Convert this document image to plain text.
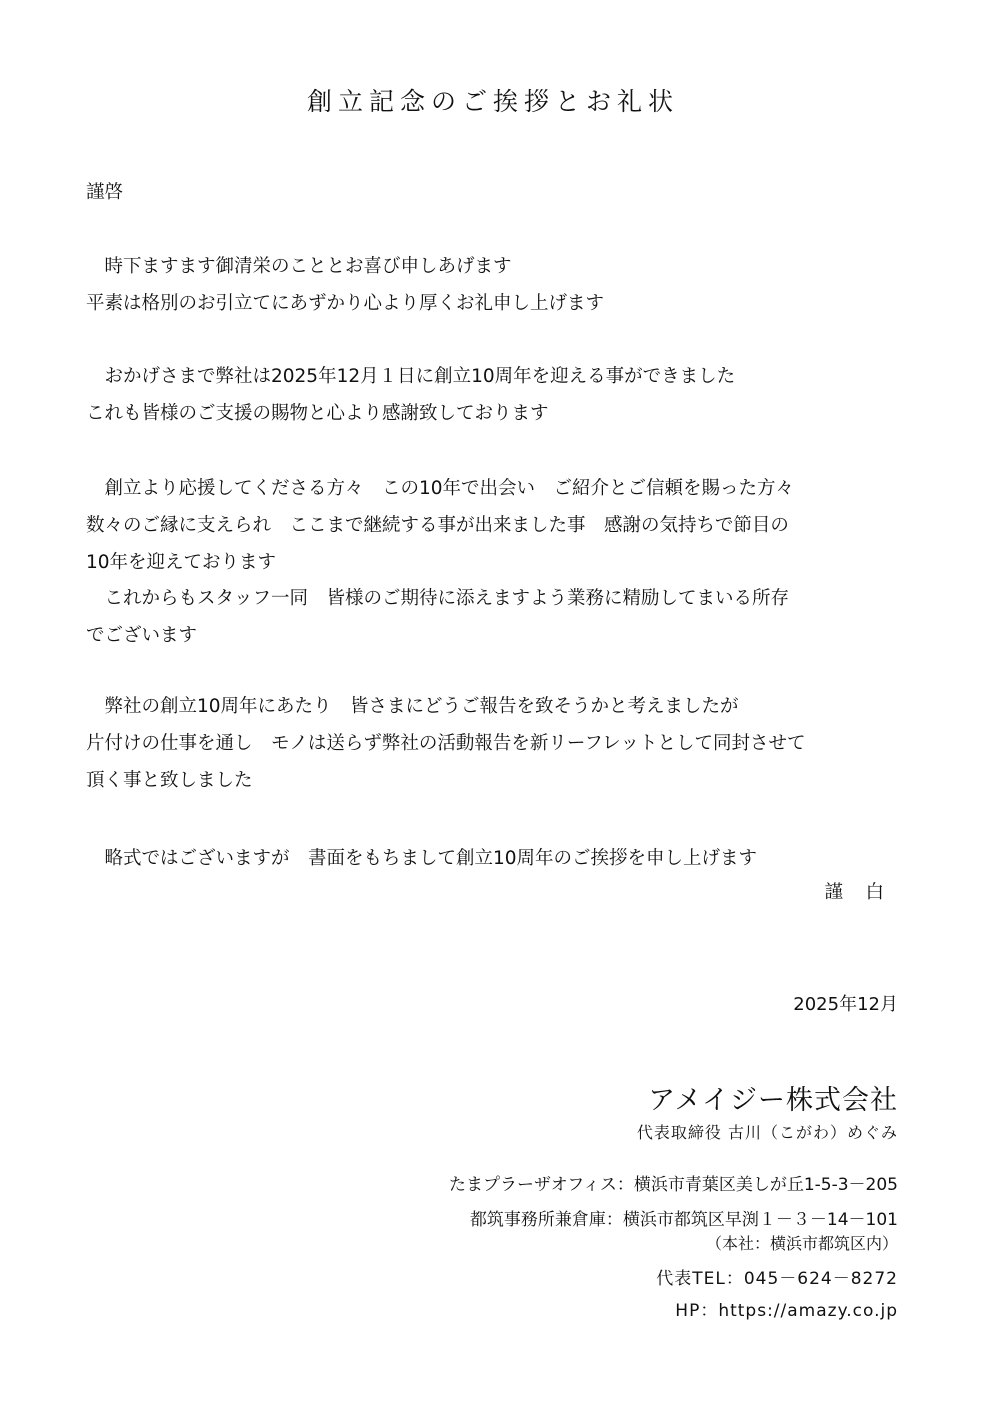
創立記念のご挨拶とお礼状
謹啓
　時下ますます御清栄のこととお喜び申しあげます
平素は格別のお引立てにあずかり心より厚くお礼申し上げます
　おかげさまで弊社は2025年12月１日に創立10周年を迎える事ができました
これも皆様のご支援の賜物と心より感謝致しております
　創立より応援してくださる方々　この10年で出会い　ご紹介とご信頼を賜った方々
数々のご縁に支えられ　ここまで継続する事が出来ました事　感謝の気持ちで節目の
10年を迎えております
　これからもスタッフ一同　皆様のご期待に添えますよう業務に精励してまいる所存
でございます
　弊社の創立10周年にあたり　皆さまにどうご報告を致そうかと考えましたが
片付けの仕事を通し　モノは送らず弊社の活動報告を新リーフレットとして同封させて
頂く事と致しました
　略式ではございますが　書面をもちまして創立10周年のご挨拶を申し上げます
謹　白
2025年12月
アメイジー株式会社
代表取締役 古川（こがわ）めぐみ
たまプラーザオフィス：横浜市青葉区美しが丘1-5-3－205
都筑事務所兼倉庫：横浜市都筑区早渕１－３－14－101
（本社：横浜市都筑区内）
代表TEL：045－624－8272
HP：https://amazy.co.jp
